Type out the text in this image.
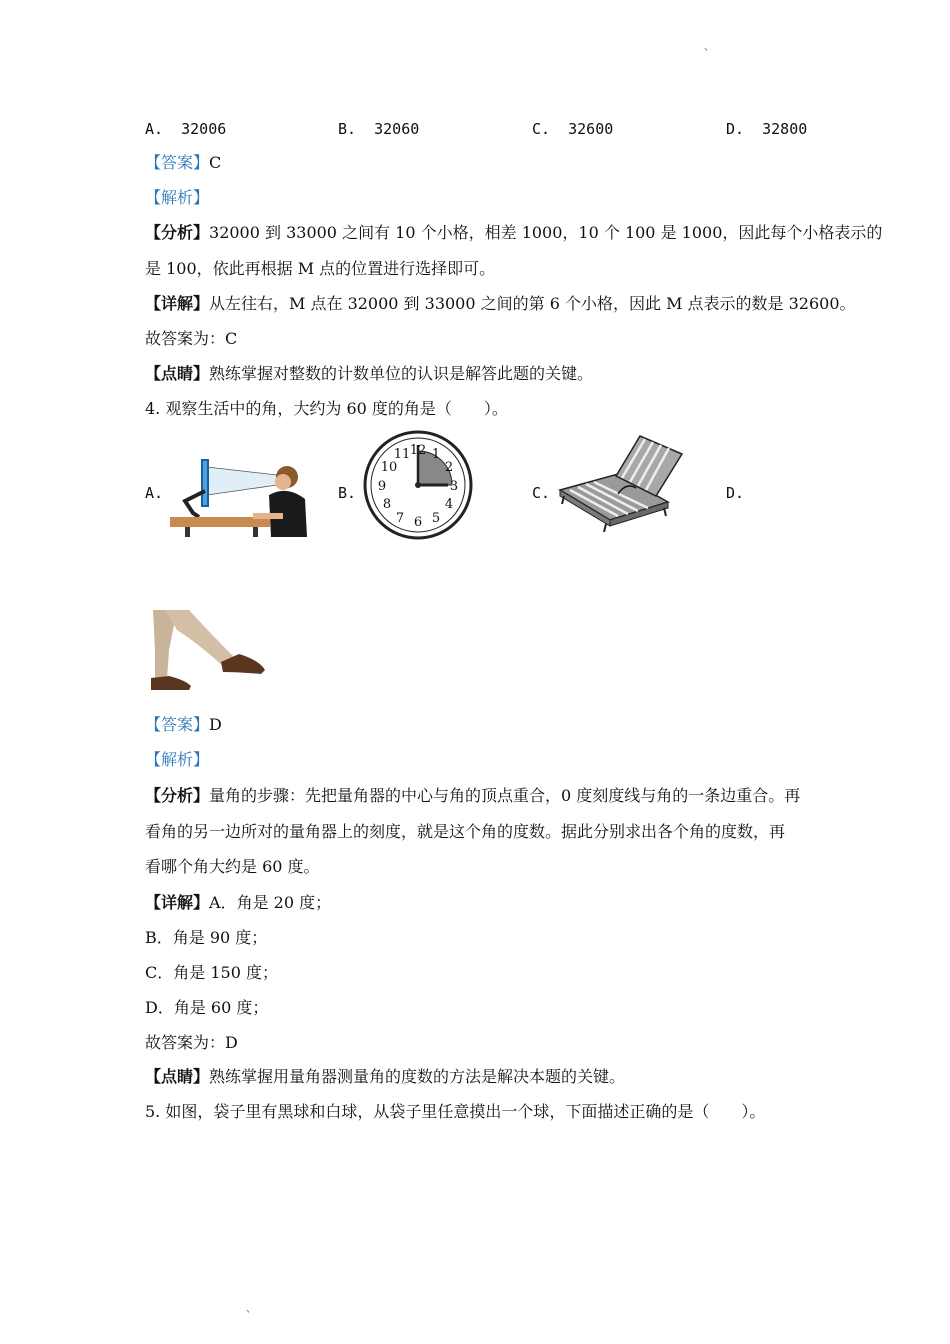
、
A. 32006	B. 32060	C. 32600	D. 32800
【答案】C
【解析】
【分析】32000 到 33000 之间有 10 个小格，相差 1000，10 个 100 是 1000，因此每个小格表示的
是 100，依此再根据 M 点的位置进行选择即可。
【详解】从左往右，M 点在 32000 到 33000 之间的第 6 个小格，因此 M 点表示的数是 32600。
故答案为：C
【点睛】熟练掌握对整数的计数单位的认识是解答此题的关键。
4. 观察生活中的角，大约为 60 度的角是（　　）。
A.	B.	C.	D.
12 1
2
3
4
5
6
7
8
9
10
11
【答案】D
【解析】
【分析】量角的步骤：先把量角器的中心与角的顶点重合，0 度刻度线与角的一条边重合。再
看角的另一边所对的量角器上的刻度，就是这个角的度数。据此分别求出各个角的度数，再
看哪个角大约是 60 度。
【详解】A．角是 20 度；
B．角是 90 度；
C．角是 150 度；
D．角是 60 度；
故答案为：D
【点睛】熟练掌握用量角器测量角的度数的方法是解决本题的关键。
5. 如图，袋子里有黑球和白球，从袋子里任意摸出一个球，下面描述正确的是（　　）。
、
